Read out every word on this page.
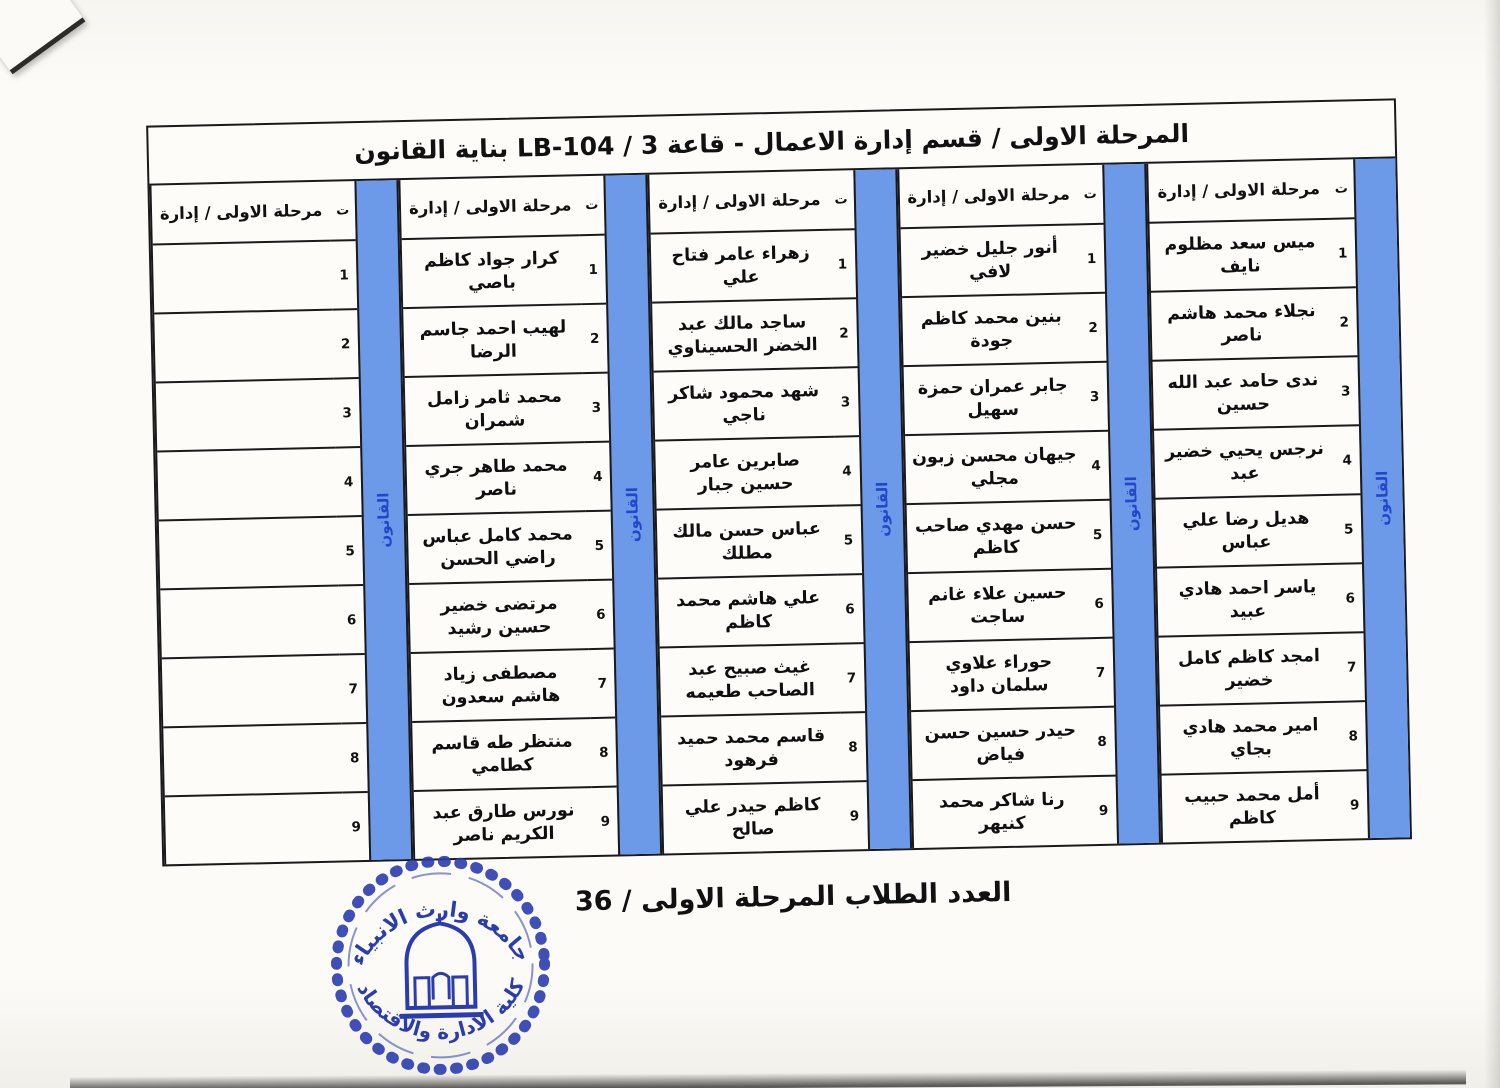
المرحلة الاولى / قسم إدارة الاعمال - قاعة 3 / LB-104 بناية القانون
القانون
ت
1
2
3
4
5
6
7
8
9
مرحلة الاولى / إدارة
ميس سعد مظلوم نايف
نجلاء محمد هاشم ناصر
ندى حامد عبد الله حسين
نرجس يحيي خضير عبد
هديل رضا علي عباس
ياسر احمد هادي عبيد
امجد كاظم كامل خضير
امير محمد هادي بجاي
أمل محمد حبيب كاظم
القانون
ت
1
2
3
4
5
6
7
8
9
مرحلة الاولى / إدارة
أنور جليل خضير لافي
بنين محمد كاظم جودة
جابر عمران حمزة سهيل
جيهان محسن زبون مجلي
حسن مهدي صاحب كاظم
حسين علاء غانم ساجت
حوراء علاوي سلمان داود
حيدر حسين حسن فياض
رنا شاكر محمد كنيهر
القانون
ت
1
2
3
4
5
6
7
8
9
مرحلة الاولى / إدارة
زهراء عامر فتاح علي
ساجد مالك عبد الخضر الحسيناوي
شهد محمود شاكر ناجي
صابرين عامر حسين جبار
عباس حسن مالك مطلك
علي هاشم محمد كاظم
غيث صبيح عبد الصاحب طعيمه
قاسم محمد حميد فرهود
كاظم حيدر علي صالح
القانون
ت
1
2
3
4
5
6
7
8
9
مرحلة الاولى / إدارة
كرار جواد كاظم باصي
لهيب احمد جاسم الرضا
محمد ثامر زامل شمران
محمد طاهر جري ناصر
محمد كامل عباس راضي الحسن
مرتضى خضير حسين رشيد
مصطفى زياد هاشم سعدون
منتظر طه قاسم كطامي
نورس طارق عبد الكريم ناصر
القانون
ت
1
2
3
4
5
6
7
8
9
مرحلة الاولى / إدارة
العدد الطلاب المرحلة الاولى / 36
جامعة وارث الانبياء
كلية الادارة والاقتصاد
